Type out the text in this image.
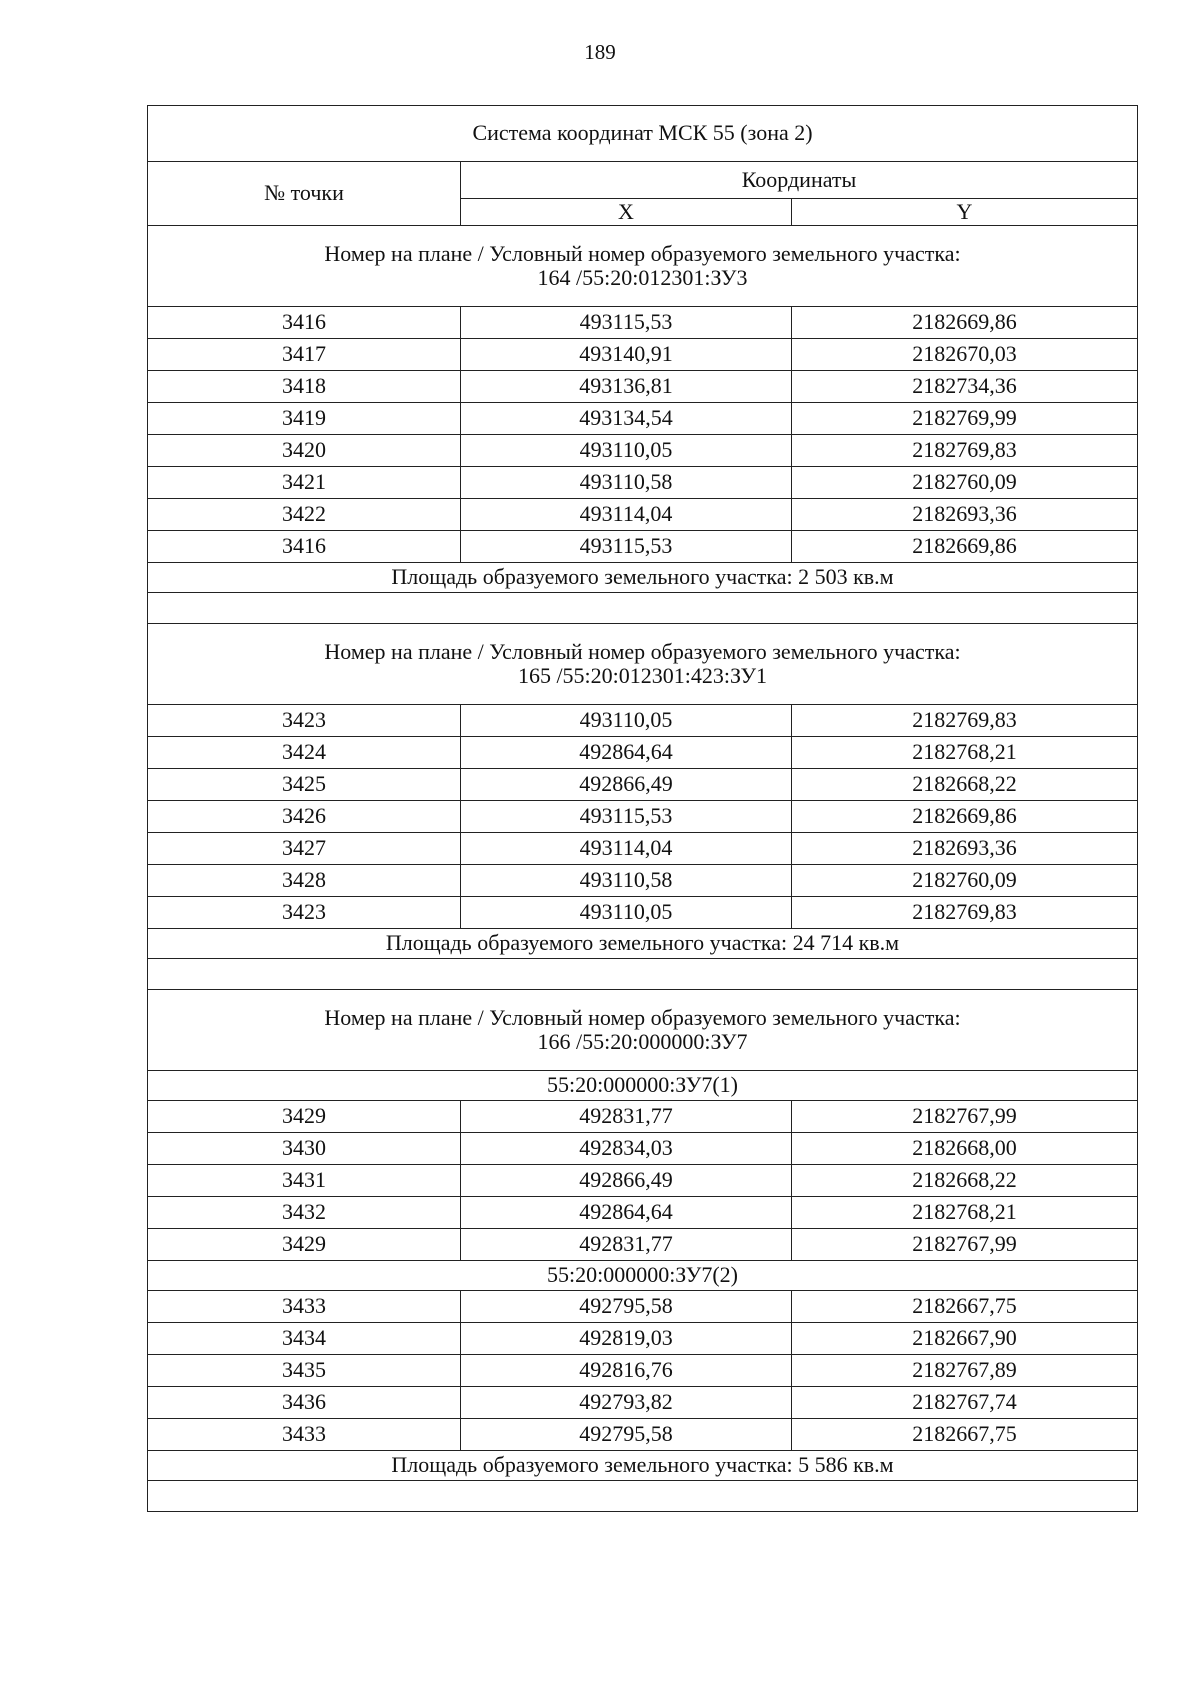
189
Система координат МСК 55 (зона 2)		
№ точки	Координаты	
	X	Y

Номер на плане / Условный номер образуемого земельного участка:
164 /55:20:012301:ЗУ3		

3416	493115,53	2182669,86
3417	493140,91	2182670,03
3418	493136,81	2182734,36
3419	493134,54	2182769,99
3420	493110,05	2182769,83
3421	493110,58	2182760,09
3422	493114,04	2182693,36
3416	493115,53	2182669,86
Площадь образуемого земельного участка: 2 503 кв.м		

Номер на плане / Условный номер образуемого земельного участка:
165 /55:20:012301:423:ЗУ1		

3423	493110,05	2182769,83
3424	492864,64	2182768,21
3425	492866,49	2182668,22
3426	493115,53	2182669,86
3427	493114,04	2182693,36
3428	493110,58	2182760,09
3423	493110,05	2182769,83
Площадь образуемого земельного участка: 24 714 кв.м		

Номер на плане / Условный номер образуемого земельного участка:
166 /55:20:000000:ЗУ7		

55:20:000000:ЗУ7(1)		
3429	492831,77	2182767,99
3430	492834,03	2182668,00
3431	492866,49	2182668,22
3432	492864,64	2182768,21
3429	492831,77	2182767,99
55:20:000000:ЗУ7(2)		
3433	492795,58	2182667,75
3434	492819,03	2182667,90
3435	492816,76	2182767,89
3436	492793,82	2182767,74
3433	492795,58	2182667,75
Площадь образуемого земельного участка: 5 586 кв.м		
